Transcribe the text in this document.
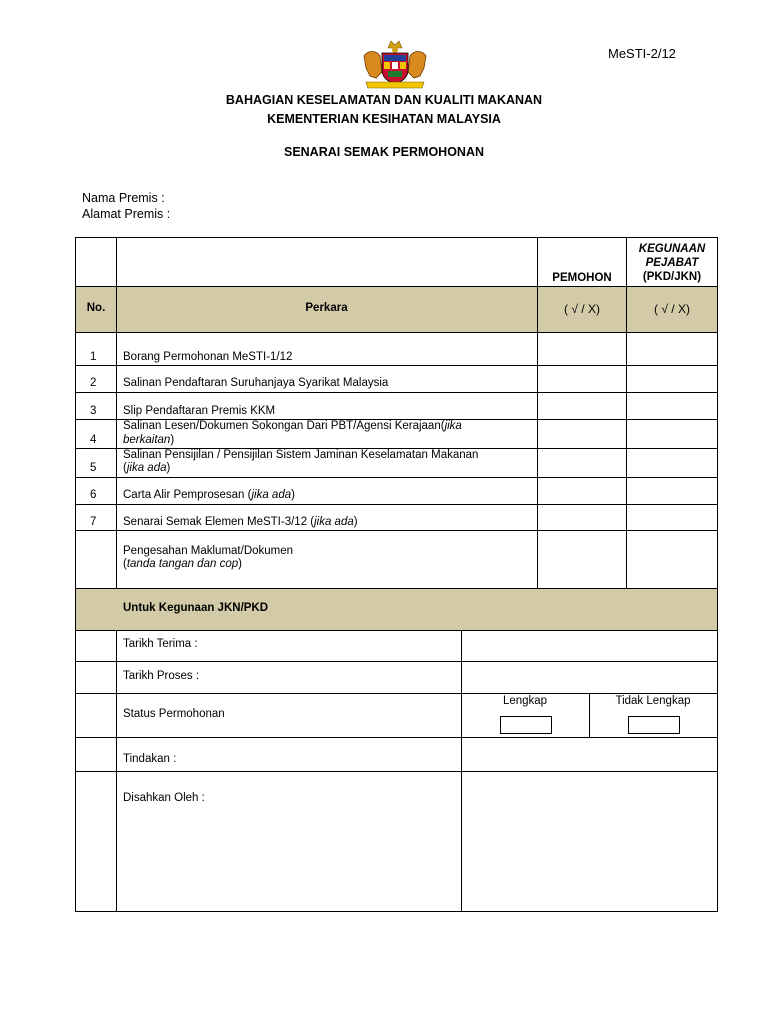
MeSTI-2/12
BAHAGIAN KESELAMATAN DAN KUALITI MAKANAN
KEMENTERIAN KESIHATAN MALAYSIA
SENARAI SEMAK PERMOHONAN
Nama Premis :
Alamat Premis :
PEMOHON
KEGUNAAN
PEJABAT
(PKD/JKN)
No.	Perkara	( √ / X)	( √ / X)
1 Borang Permohonan MeSTI-1/12
2 Salinan Pendaftaran Suruhanjaya Syarikat Malaysia
3 Slip Pendaftaran Premis KKM
4
Salinan Lesen/Dokumen Sokongan Dari PBT/Agensi Kerajaan(jika
berkaitan)
5
Salinan Pensijilan / Pensijilan Sistem Jaminan Keselamatan Makanan
(jika ada)
6 Carta Alir Pemprosesan (jika ada)
7 Senarai Semak Elemen MeSTI-3/12 (jika ada)
Pengesahan Maklumat/Dokumen
(tanda tangan dan cop)
Untuk Kegunaan JKN/PKD
Tarikh Terima :
Tarikh Proses :
Status Permohonan
Lengkap	Tidak Lengkap
Tindakan :
Disahkan Oleh :
